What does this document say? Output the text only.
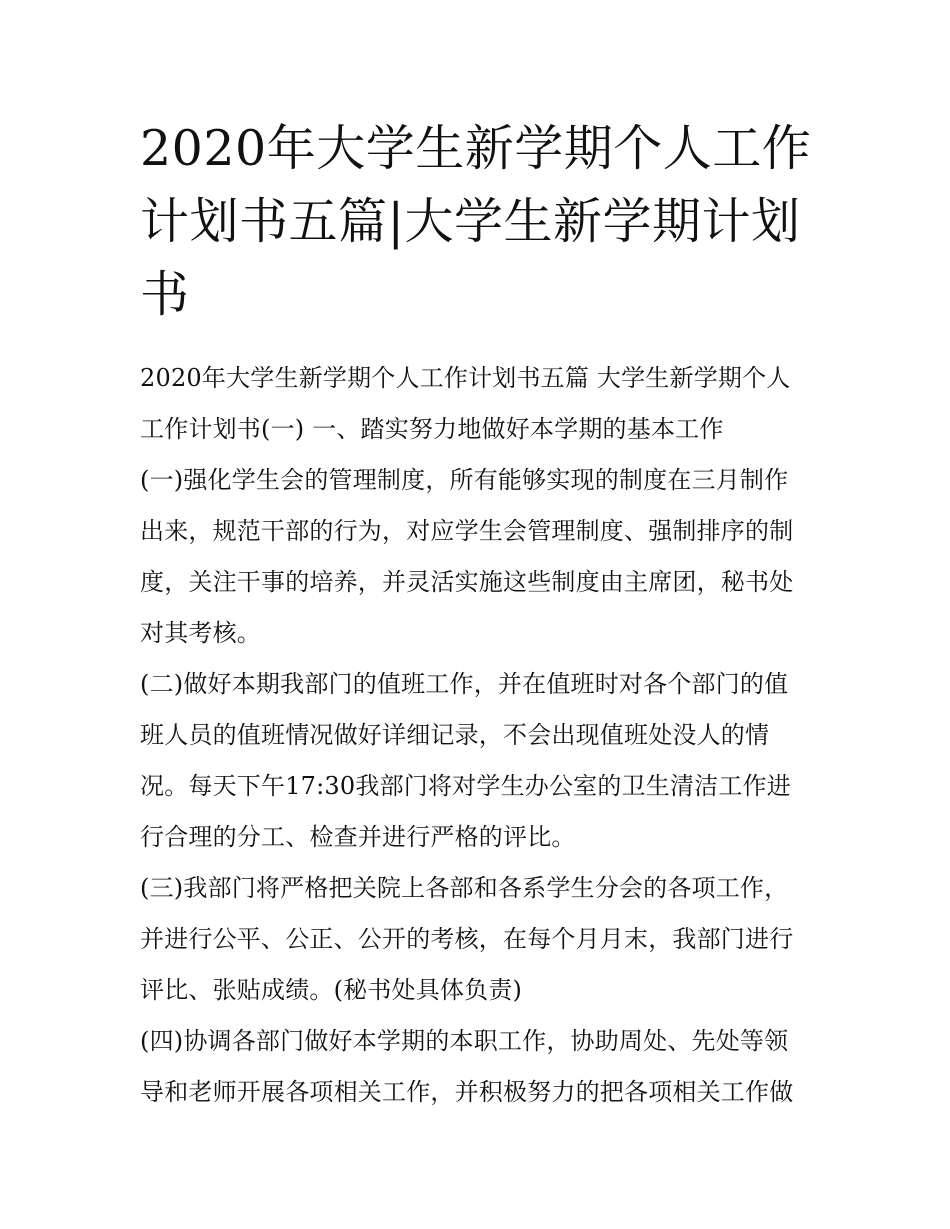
2020年大学生新学期个人工作计划书五篇|大学生新学期计划书

2020年大学生新学期个人工作计划书五篇 大学生新学期个人工作计划书(一) 一、踏实努力地做好本学期的基本工作

(一)强化学生会的管理制度，所有能够实现的制度在三月制作出来，规范干部的行为，对应学生会管理制度、强制排序的制度，关注干事的培养，并灵活实施这些制度由主席团，秘书处对其考核。

(二)做好本期我部门的值班工作，并在值班时对各个部门的值班人员的值班情况做好详细记录，不会出现值班处没人的情况。每天下午17:30我部门将对学生办公室的卫生清洁工作进行合理的分工、检查并进行严格的评比。

(三)我部门将严格把关院上各部和各系学生分会的各项工作，并进行公平、公正、公开的考核，在每个月月末，我部门进行评比、张贴成绩。(秘书处具体负责)

(四)协调各部门做好本学期的本职工作，协助周处、先处等领导和老师开展各项相关工作，并积极努力的把各项相关工作做
